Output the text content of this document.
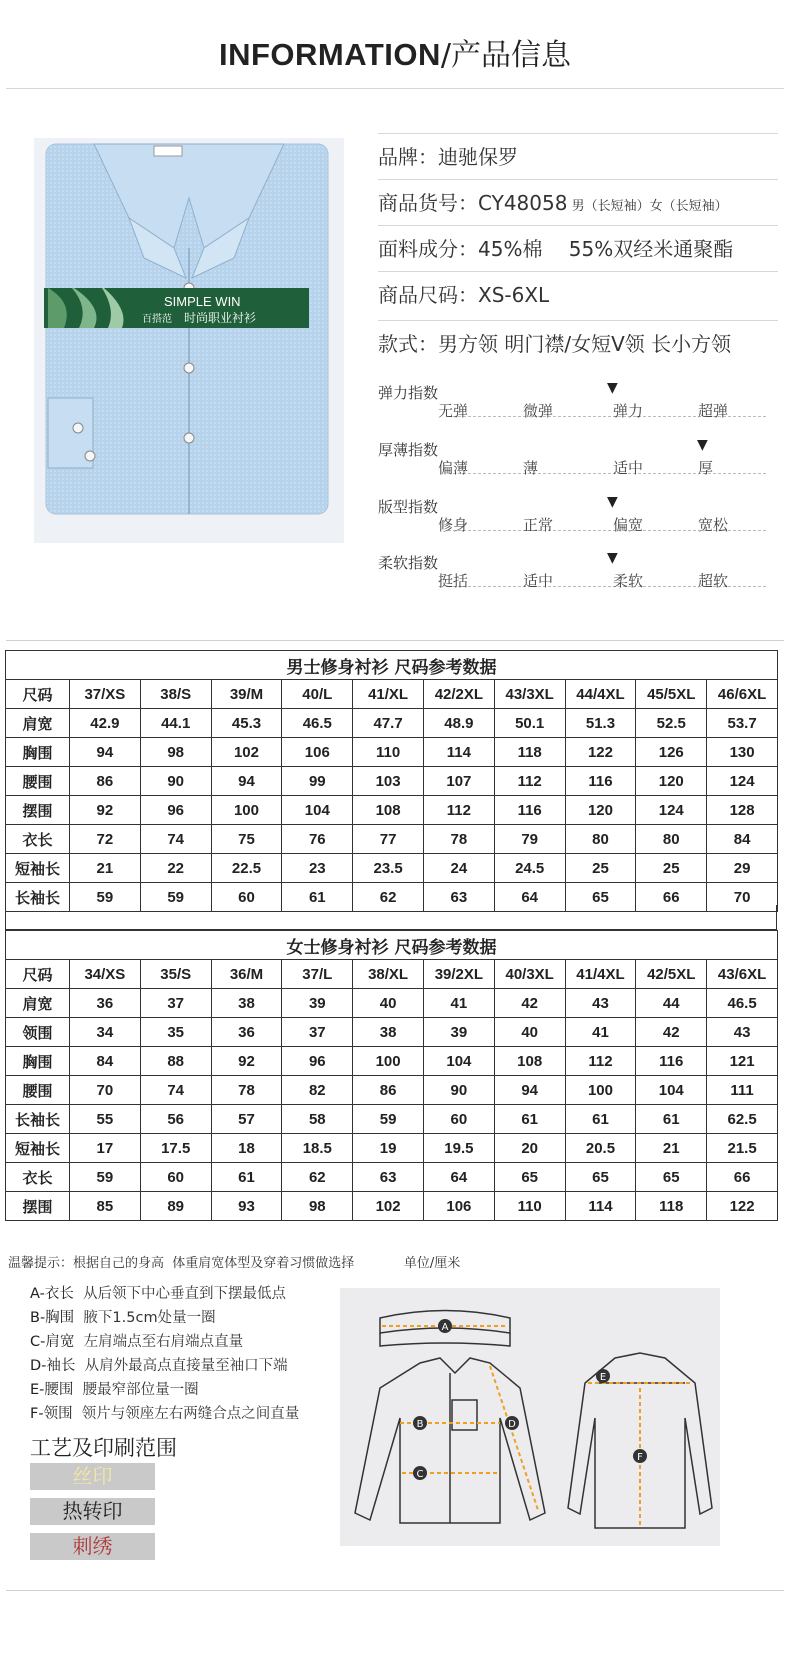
INFORMATION/产品信息
SIMPLE WIN
百搭范 时尚职业衬衫
品牌：迪驰保罗
商品货号：CY48058 男（长短袖）女（长短袖）
面料成分：45%棉　 55%双经米通聚酯
商品尺码：XS-6XL
款式：男方领 明门襟/女短V领 长小方领
弹力指数
无弹	微弹	弹力	超弹
▼
厚薄指数
偏薄	薄	适中	厚
▼
版型指数
修身	正常	偏宽	宽松
▼
柔软指数
挺括	适中	柔软	超软
▼
男士修身衬衫 尺码参考数据										
尺码	37/XS	38/S	39/M	40/L	41/XL	42/2XL	43/3XL	44/4XL	45/5XL	46/6XL
肩宽	42.9	44.1	45.3	46.5	47.7	48.9	50.1	51.3	52.5	53.7
胸围	94	98	102	106	110	114	118	122	126	130
腰围	86	90	94	99	103	107	112	116	120	124
摆围	92	96	100	104	108	112	116	120	124	128
衣长	72	74	75	76	77	78	79	80	80	84
短袖长	21	22	22.5	23	23.5	24	24.5	25	25	29
长袖长	59	59	60	61	62	63	64	65	66	70
女士修身衬衫 尺码参考数据										
尺码	34/XS	35/S	36/M	37/L	38/XL	39/2XL	40/3XL	41/4XL	42/5XL	43/6XL
肩宽	36	37	38	39	40	41	42	43	44	46.5
领围	34	35	36	37	38	39	40	41	42	43
胸围	84	88	92	96	100	104	108	112	116	121
腰围	70	74	78	82	86	90	94	100	104	111
长袖长	55	56	57	58	59	60	61	61	61	62.5
短袖长	17	17.5	18	18.5	19	19.5	20	20.5	21	21.5
衣长	59	60	61	62	63	64	65	65	65	66
摆围	85	89	93	98	102	106	110	114	118	122
温馨提示：根据自己的身高  体重肩宽体型及穿着习惯做选择            单位/厘米
A-衣长 从后领下中心垂直到下摆最低点
B-胸围 腋下1.5cm处量一圈
C-肩宽 左肩端点至右肩端点直量
D-袖长 从肩外最高点直接量至袖口下端
E-腰围 腰最窄部位量一圈
F-领围 领片与领座左右两缝合点之间直量
工艺及印刷范围
丝印
热转印
刺绣
A
B
C
D
E
F
